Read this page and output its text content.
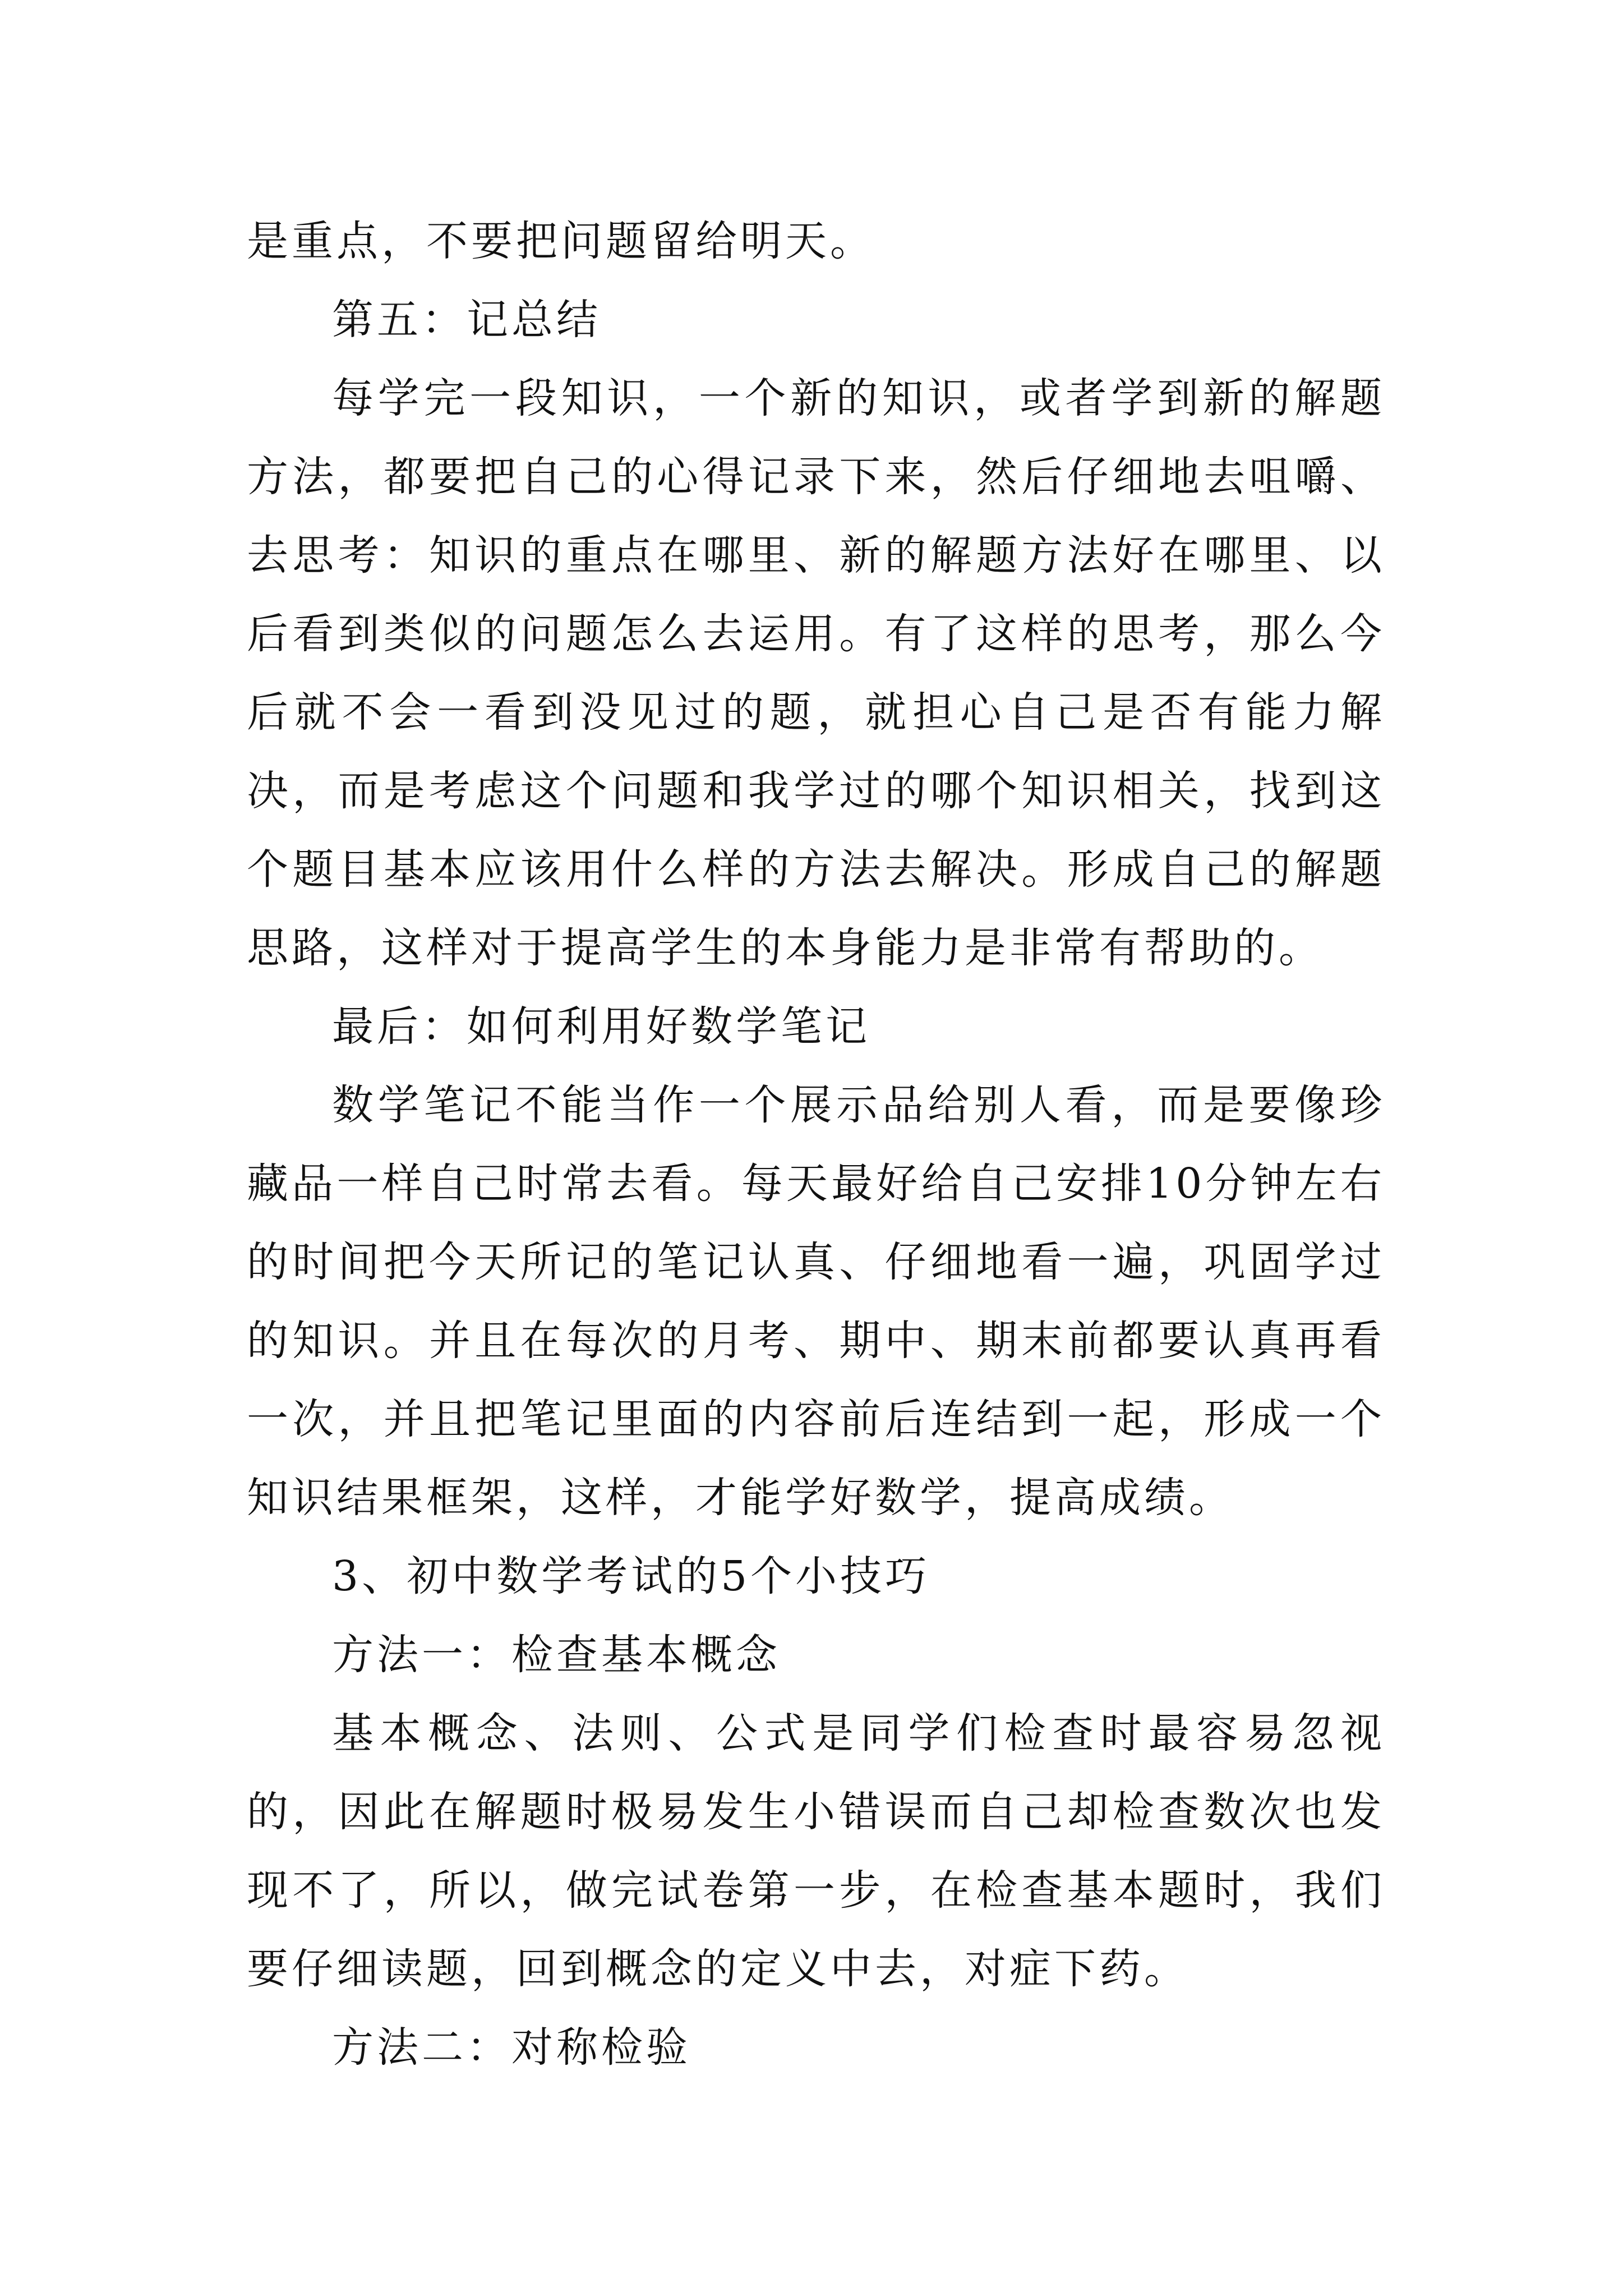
是重点，不要把问题留给明天。

第五：记总结

每学完一段知识，一个新的知识，或者学到新的解题方法，都要把自己的心得记录下来，然后仔细地去咀嚼、去思考：知识的重点在哪里、新的解题方法好在哪里、以后看到类似的问题怎么去运用。有了这样的思考，那么今后就不会一看到没见过的题，就担心自己是否有能力解决，而是考虑这个问题和我学过的哪个知识相关，找到这个题目基本应该用什么样的方法去解决。形成自己的解题思路，这样对于提高学生的本身能力是非常有帮助的。

最后：如何利用好数学笔记

数学笔记不能当作一个展示品给别人看，而是要像珍藏品一样自己时常去看。每天最好给自己安排10分钟左右的时间把今天所记的笔记认真、仔细地看一遍，巩固学过的知识。并且在每次的月考、期中、期末前都要认真再看一次，并且把笔记里面的内容前后连结到一起，形成一个知识结果框架，这样，才能学好数学，提高成绩。

3、初中数学考试的5个小技巧

方法一：检查基本概念

基本概念、法则、公式是同学们检查时最容易忽视的，因此在解题时极易发生小错误而自己却检查数次也发现不了，所以，做完试卷第一步，在检查基本题时，我们要仔细读题，回到概念的定义中去，对症下药。

方法二：对称检验
